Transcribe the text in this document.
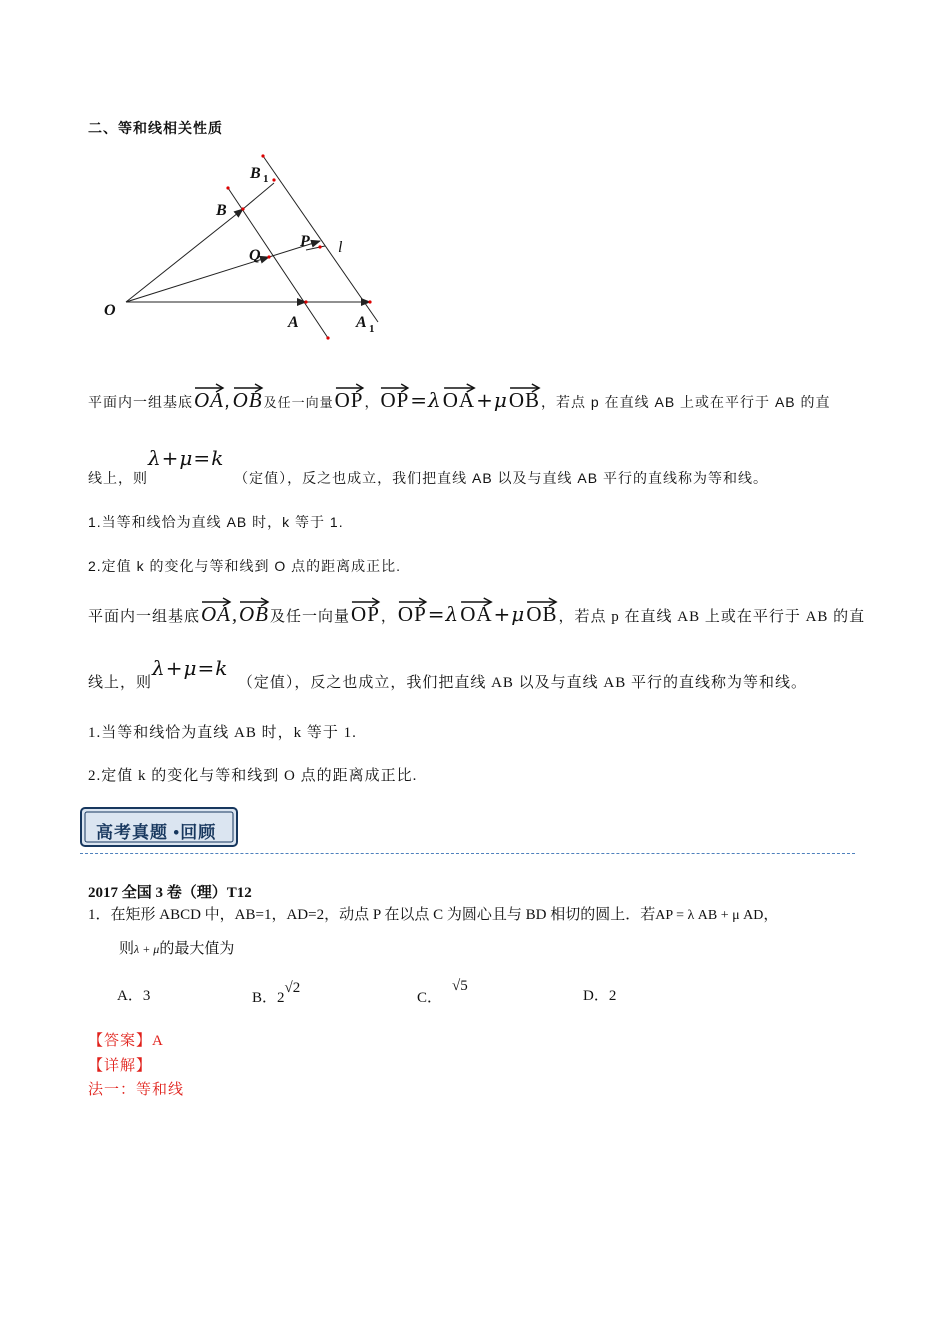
二、等和线相关性质
O
A	A 1
B
B 1
Q
P l
平面内一组基底
OA,
OB及任一向量
OP，
OP=λ
OA+μ
OB，若点 p 在直线 AB 上或在平行于 AB 的直
线上，则λ+μ=k  （定值），反之也成立，我们把直线 AB 以及与直线 AB 平行的直线称为等和线。
1.当等和线恰为直线 AB 时，k 等于 1.
2.定值 k 的变化与等和线到 O 点的距离成正比.
平面内一组基底
OA,
OB及任一向量
OP，
OP=λ
OA+μ
OB，若点 p 在直线 AB 上或在平行于 AB 的直
线上，则λ+μ=k  （定值），反之也成立，我们把直线 AB 以及与直线 AB 平行的直线称为等和线。
1.当等和线恰为直线 AB 时，k 等于 1.
2.定值 k 的变化与等和线到 O 点的距离成正比.
高考真题 •回顾
2017 全国 3 卷（理）T12
1．在矩形 ABCD 中，AB=1，AD=2，动点 P 在以点 C 为圆心且与 BD 相切的圆上．若AP = λ AB + μ AD，
则λ + μ的最大值为
A．3	B．$2^{√2}$
C．$^{√5}$
D．2
【答案】A
【详解】
法一：等和线
